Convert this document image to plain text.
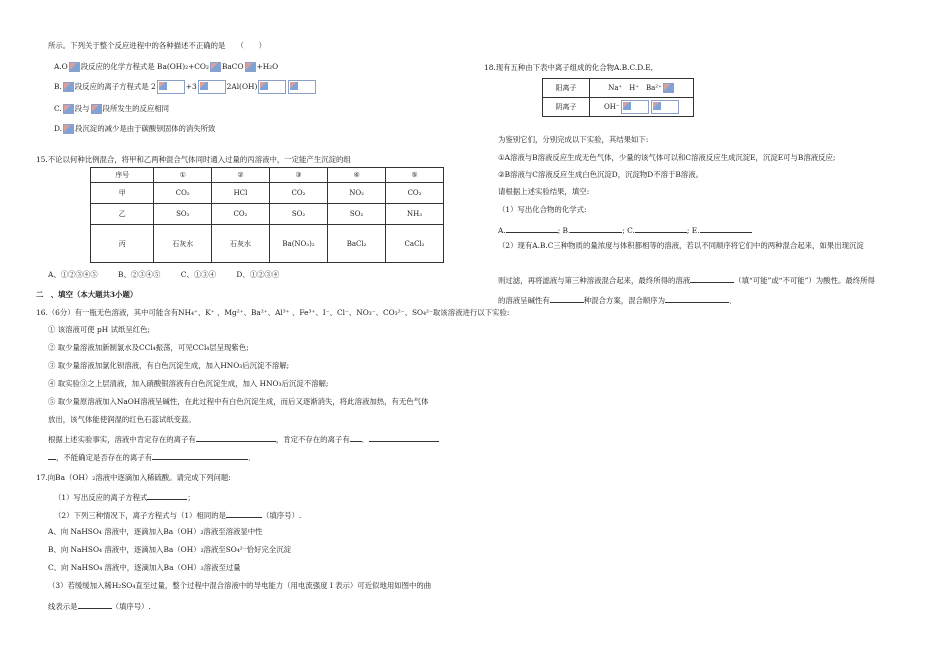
所示。下列关于整个反应进程中的各种描述不正确的是　　（　　）
A.O 段反应的化学方程式是 Ba(OH)₂+CO₂ BaCO +H₂O
B. 段反应的离子方程式是 2	+3	2Al(OH)
C. 段与 段所发生的反应相同
D. 段沉淀的减少是由于碳酸钡固体的消失所致
15.不论以何种比例混合，将甲和乙两种混合气体同时通入过量的丙溶液中，一定能产生沉淀的组
序号	①	②	③	④	⑤
甲	CO₂	HCl	CO₂	NO₂	CO₂
乙	SO₂	CO₂	SO₂	SO₂	NH₃
丙	石灰水	石灰水	Ba(NO₃)₂	BaCl₂	CaCl₂
A、①②③④⑤	B、②③④⑤	C、①③④	D、①②③④
二　、填空（本大题共3小题）
16.（6分）有一瓶无色溶液，其中可能含有NH₄⁺、K⁺ 、Mg²⁺、Ba²⁺、Al³⁺ 、Fe³⁺、I⁻、Cl⁻、NO₃⁻、CO₃²⁻、SO₄²⁻取该溶液进行以下实验:
① 该溶液可使 pH 试纸呈红色;
② 取少量溶液加新制氯水及CCl₄振荡，可见CCl₄层呈现紫色;
③ 取少量溶液加氯化钡溶液，有白色沉淀生成，加入HNO₃后沉淀不溶解;
④ 取实验③之上层清液，加入硝酸银溶液有白色沉淀生成，加入 HNO₃后沉淀不溶解;
⑤ 取少量原溶液加入NaOH溶液呈碱性，在此过程中有白色沉淀生成，而后又逐渐消失，将此溶液加热，有无色气体
放出，该气体能使润湿的红色石蕊试纸变蓝。
根据上述实验事实，溶液中肯定存在的离子有	，肯定不存在的离子有 ．
，不能确定是否存在的离子有	．
17.向Ba（OH）₂溶液中逐滴加入稀硫酸。请完成下列问题:
（1）写出反应的离子方程式	；
（2）下列三种情况下，离子方程式与（1）相同的是	（填序号）.
A、向 NaHSO₄ 溶液中，逐滴加入Ba（OH）₂溶液至溶液显中性
B、向 NaHSO₄ 溶液中，逐滴加入Ba（OH）₂溶液至SO₄²⁻恰好完全沉淀
C、向 NaHSO₄ 溶液中，逐滴加入Ba（OH）₂溶液至过量
（3）若缓缓加入稀H₂SO₄直至过量，整个过程中混合溶液中的导电能力（用电流强度 I 表示）可近似地用如图中的曲
线表示是	（填序号）.
18.现有五种由下表中离子组成的化合物A.B.C.D.E,
阳离子	Na⁺　H⁺　Ba²⁺
阴离子	OH⁻
为鉴别它们，分别完成以下实验，其结果如下:
①A溶液与B溶液反应生成无色气体，少量的该气体可以和C溶液反应生成沉淀E，沉淀E可与B溶液反应;
②B溶液与C溶液反应生成白色沉淀D，沉淀物D不溶于B溶液。
请根据上述实验结果，填空:
（1）写出化合物的化学式:
A.	; B.	; C.	; E.
（2）现有A.B.C三种物质的量浓度与体积都相等的溶液，若以不同顺序将它们中的两种混合起来，如果出现沉淀
则过滤，再将滤液与第三种溶液混合起来，最终所得的溶液	（填“可能”或“不可能”）为酸性。最终所得
的溶液呈碱性有	种混合方案，混合顺序为	．
